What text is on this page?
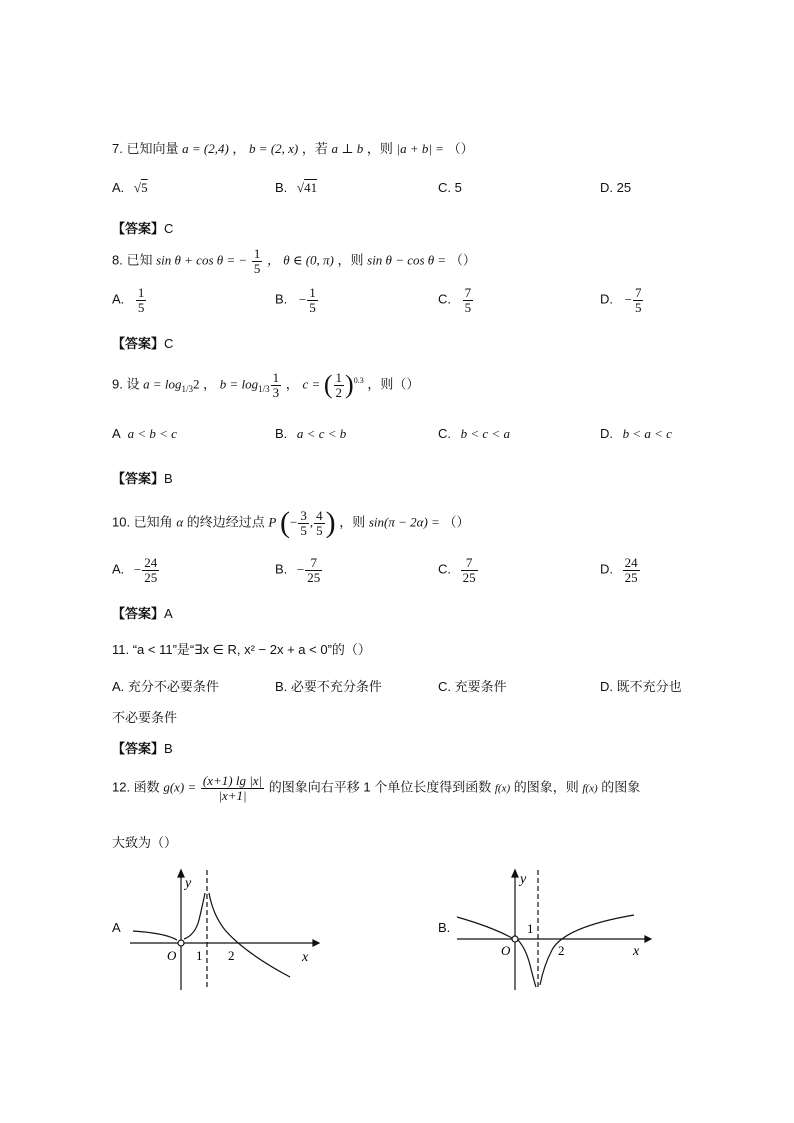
7. 已知向量 a = (2,4) ， b = (2, x) ，若 a ⊥ b ，则 |a + b| = （）
A. √5	B. √41	C. 5	D. 25
【答案】C
8. 已知 sin θ + cos θ = − $\frac{1}{5}$ ， θ ∈ (0, π) ，则 sin θ − cos θ = （）
A. $\frac{1}{5}$	B. − $\frac{1}{5}$	C. $\frac{7}{5}$	D. − $\frac{7}{5}$
【答案】C
9. 设 $a = \log_{1/3}2$ ， $b = \log_{1/3} \frac{1}{3}$ ， c = ( $\frac{1}{2} )^{0.3}$ ，则（）
A a < b < c	B. a < c < b	C. b < c < a	D. b < a < c
【答案】B
10. 已知角 α 的终边经过点 P (− $\frac{3}{5}$ , $\frac{4}{5}$ ) ，则 sin(π − 2α) = （）
A. − $\frac{24}{25}$	B. − $\frac{7}{25}$	C. $\frac{7}{25}$	D. $\frac{24}{25}$
【答案】A
11. “a < 11”是“∃x ∈ R, x² − 2x + a < 0”的（）
A. 充分不必要条件	B. 必要不充分条件	C. 充要条件	D. 既不充分也
不必要条件
【答案】B
12. 函数 $g(x) = \frac{(x+1) \lg |x|}{|x+1|}$ 的图象向右平移 1 个单位长度得到函数 f(x) 的图象，则 f(x) 的图象
大致为（）
A
y
x
O 1 2
B.
y
x
O
1
2
